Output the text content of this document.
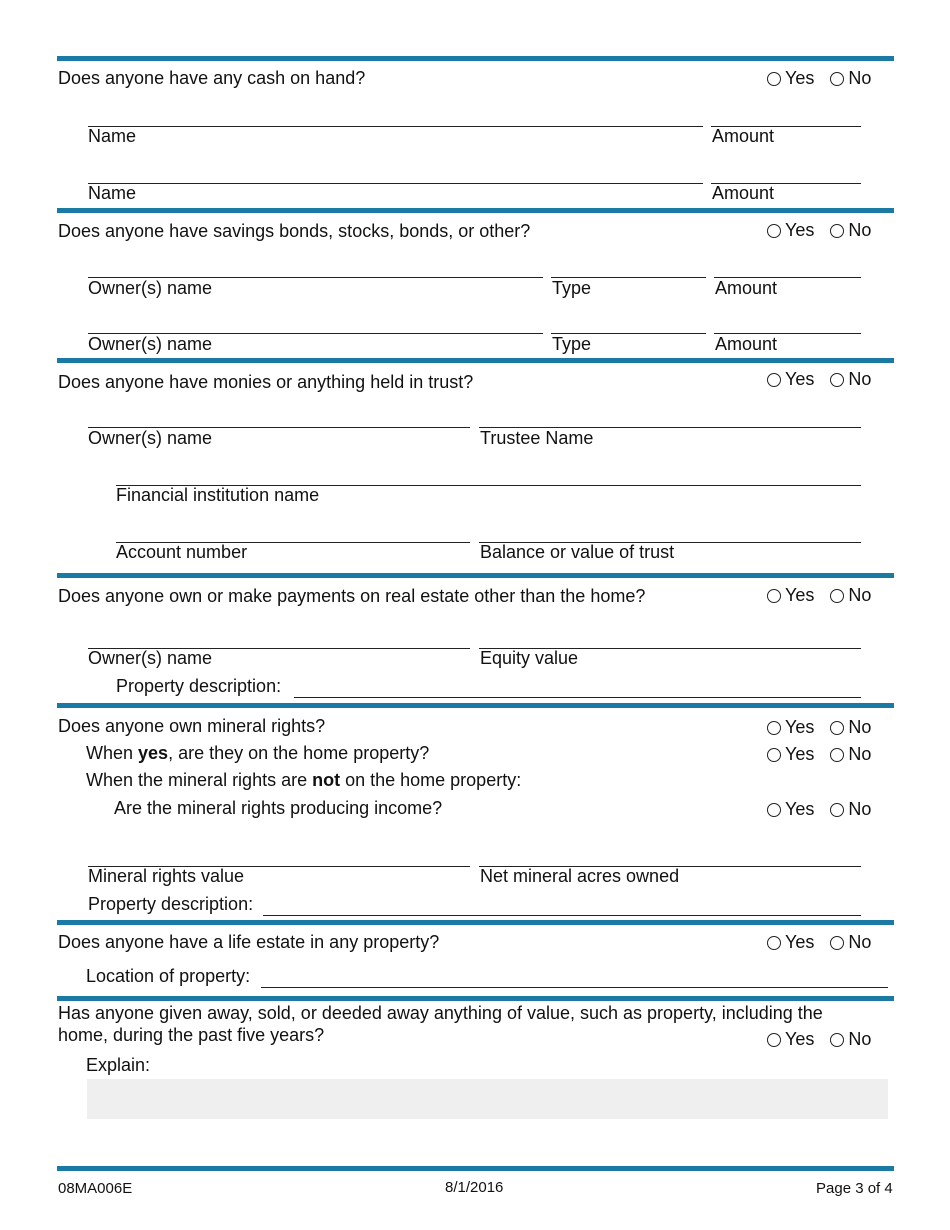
Does anyone have any cash on hand?	Yes No
Name	Amount
Name	Amount
Does anyone have savings bonds, stocks, bonds, or other?	Yes No
Owner(s) name	Type	Amount
Owner(s) name	Type	Amount
Does anyone have monies or anything held in trust?	Yes No
Owner(s) name	Trustee Name
Financial institution name
Account number	Balance or value of trust
Does anyone own or make payments on real estate other than the home?	Yes No
Owner(s) name	Equity value
Property description:
Does anyone own mineral rights?	Yes No
When yes, are they on the home property?	Yes No
When the mineral rights are not on the home property:
Are the mineral rights producing income?	Yes No
Mineral rights value	Net mineral acres owned
Property description:
Does anyone have a life estate in any property?	Yes No
Location of property:
Has anyone given away, sold, or deeded away anything of value, such as property, including the
home, during the past five years?	Yes No
Explain:
08MA006E	8/1/2016	Page 3 of 4
